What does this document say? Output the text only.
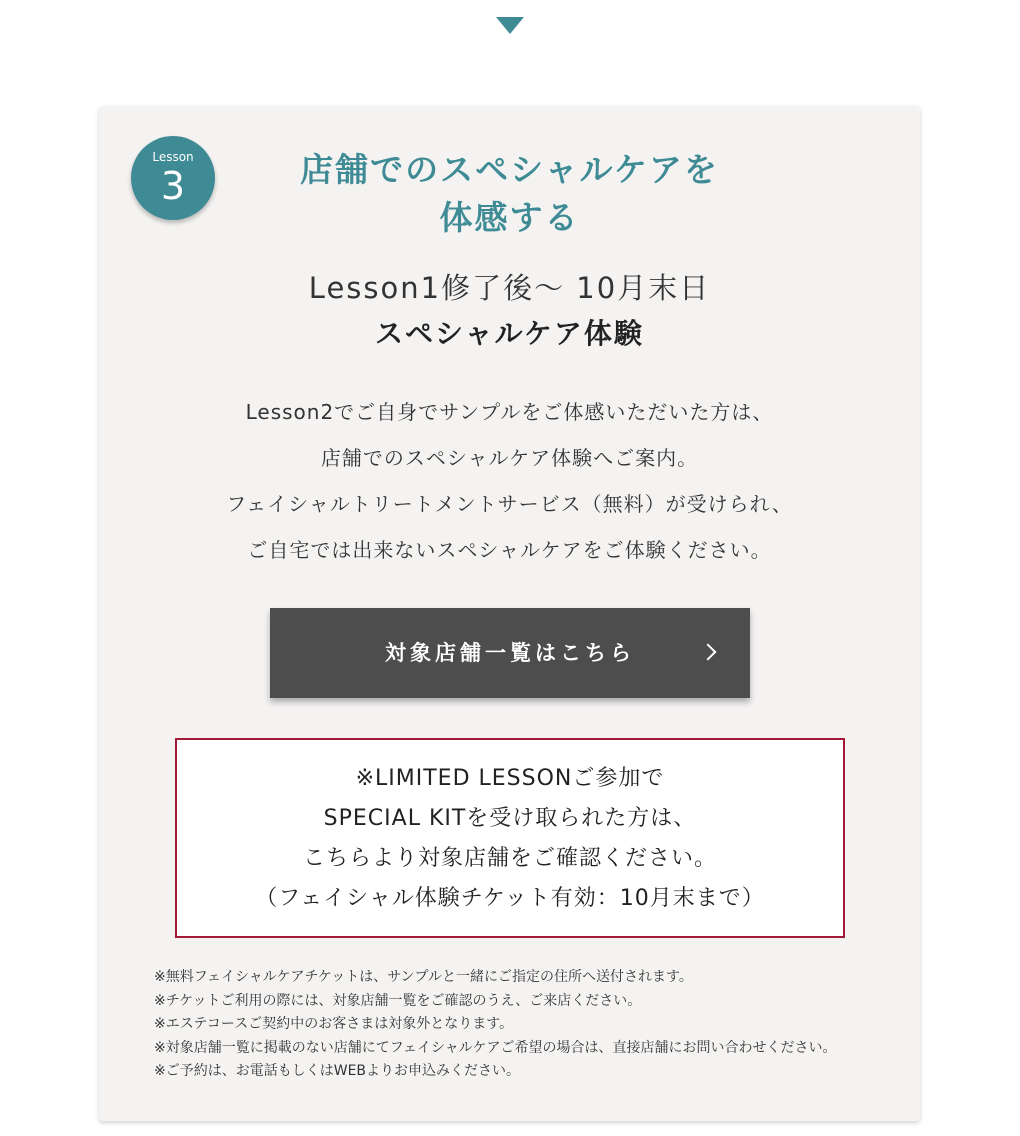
Lesson
3	店舗でのスペシャルケアを
体感する
Lesson1修了後～ 10月末日
スペシャルケア体験
Lesson2でご自身でサンプルをご体感いただいた方は、
店舗でのスペシャルケア体験へご案内。
フェイシャルトリートメントサービス（無料）が受けられ、
ご自宅では出来ないスペシャルケアをご体験ください。
対象店舗一覧はこちら
※LIMITED LESSONご参加で
SPECIAL KITを受け取られた方は、
こちらより対象店舗をご確認ください。
（フェイシャル体験チケット有効：10月末まで）
※無料フェイシャルケアチケットは、サンプルと一緒にご指定の住所へ送付されます。
※チケットご利用の際には、対象店舗一覧をご確認のうえ、ご来店ください。
※エステコースご契約中のお客さまは対象外となります。
※対象店舗一覧に掲載のない店舗にてフェイシャルケアご希望の場合は、直接店舗にお問い合わせください。
※ご予約は、お電話もしくはWEBよりお申込みください。
